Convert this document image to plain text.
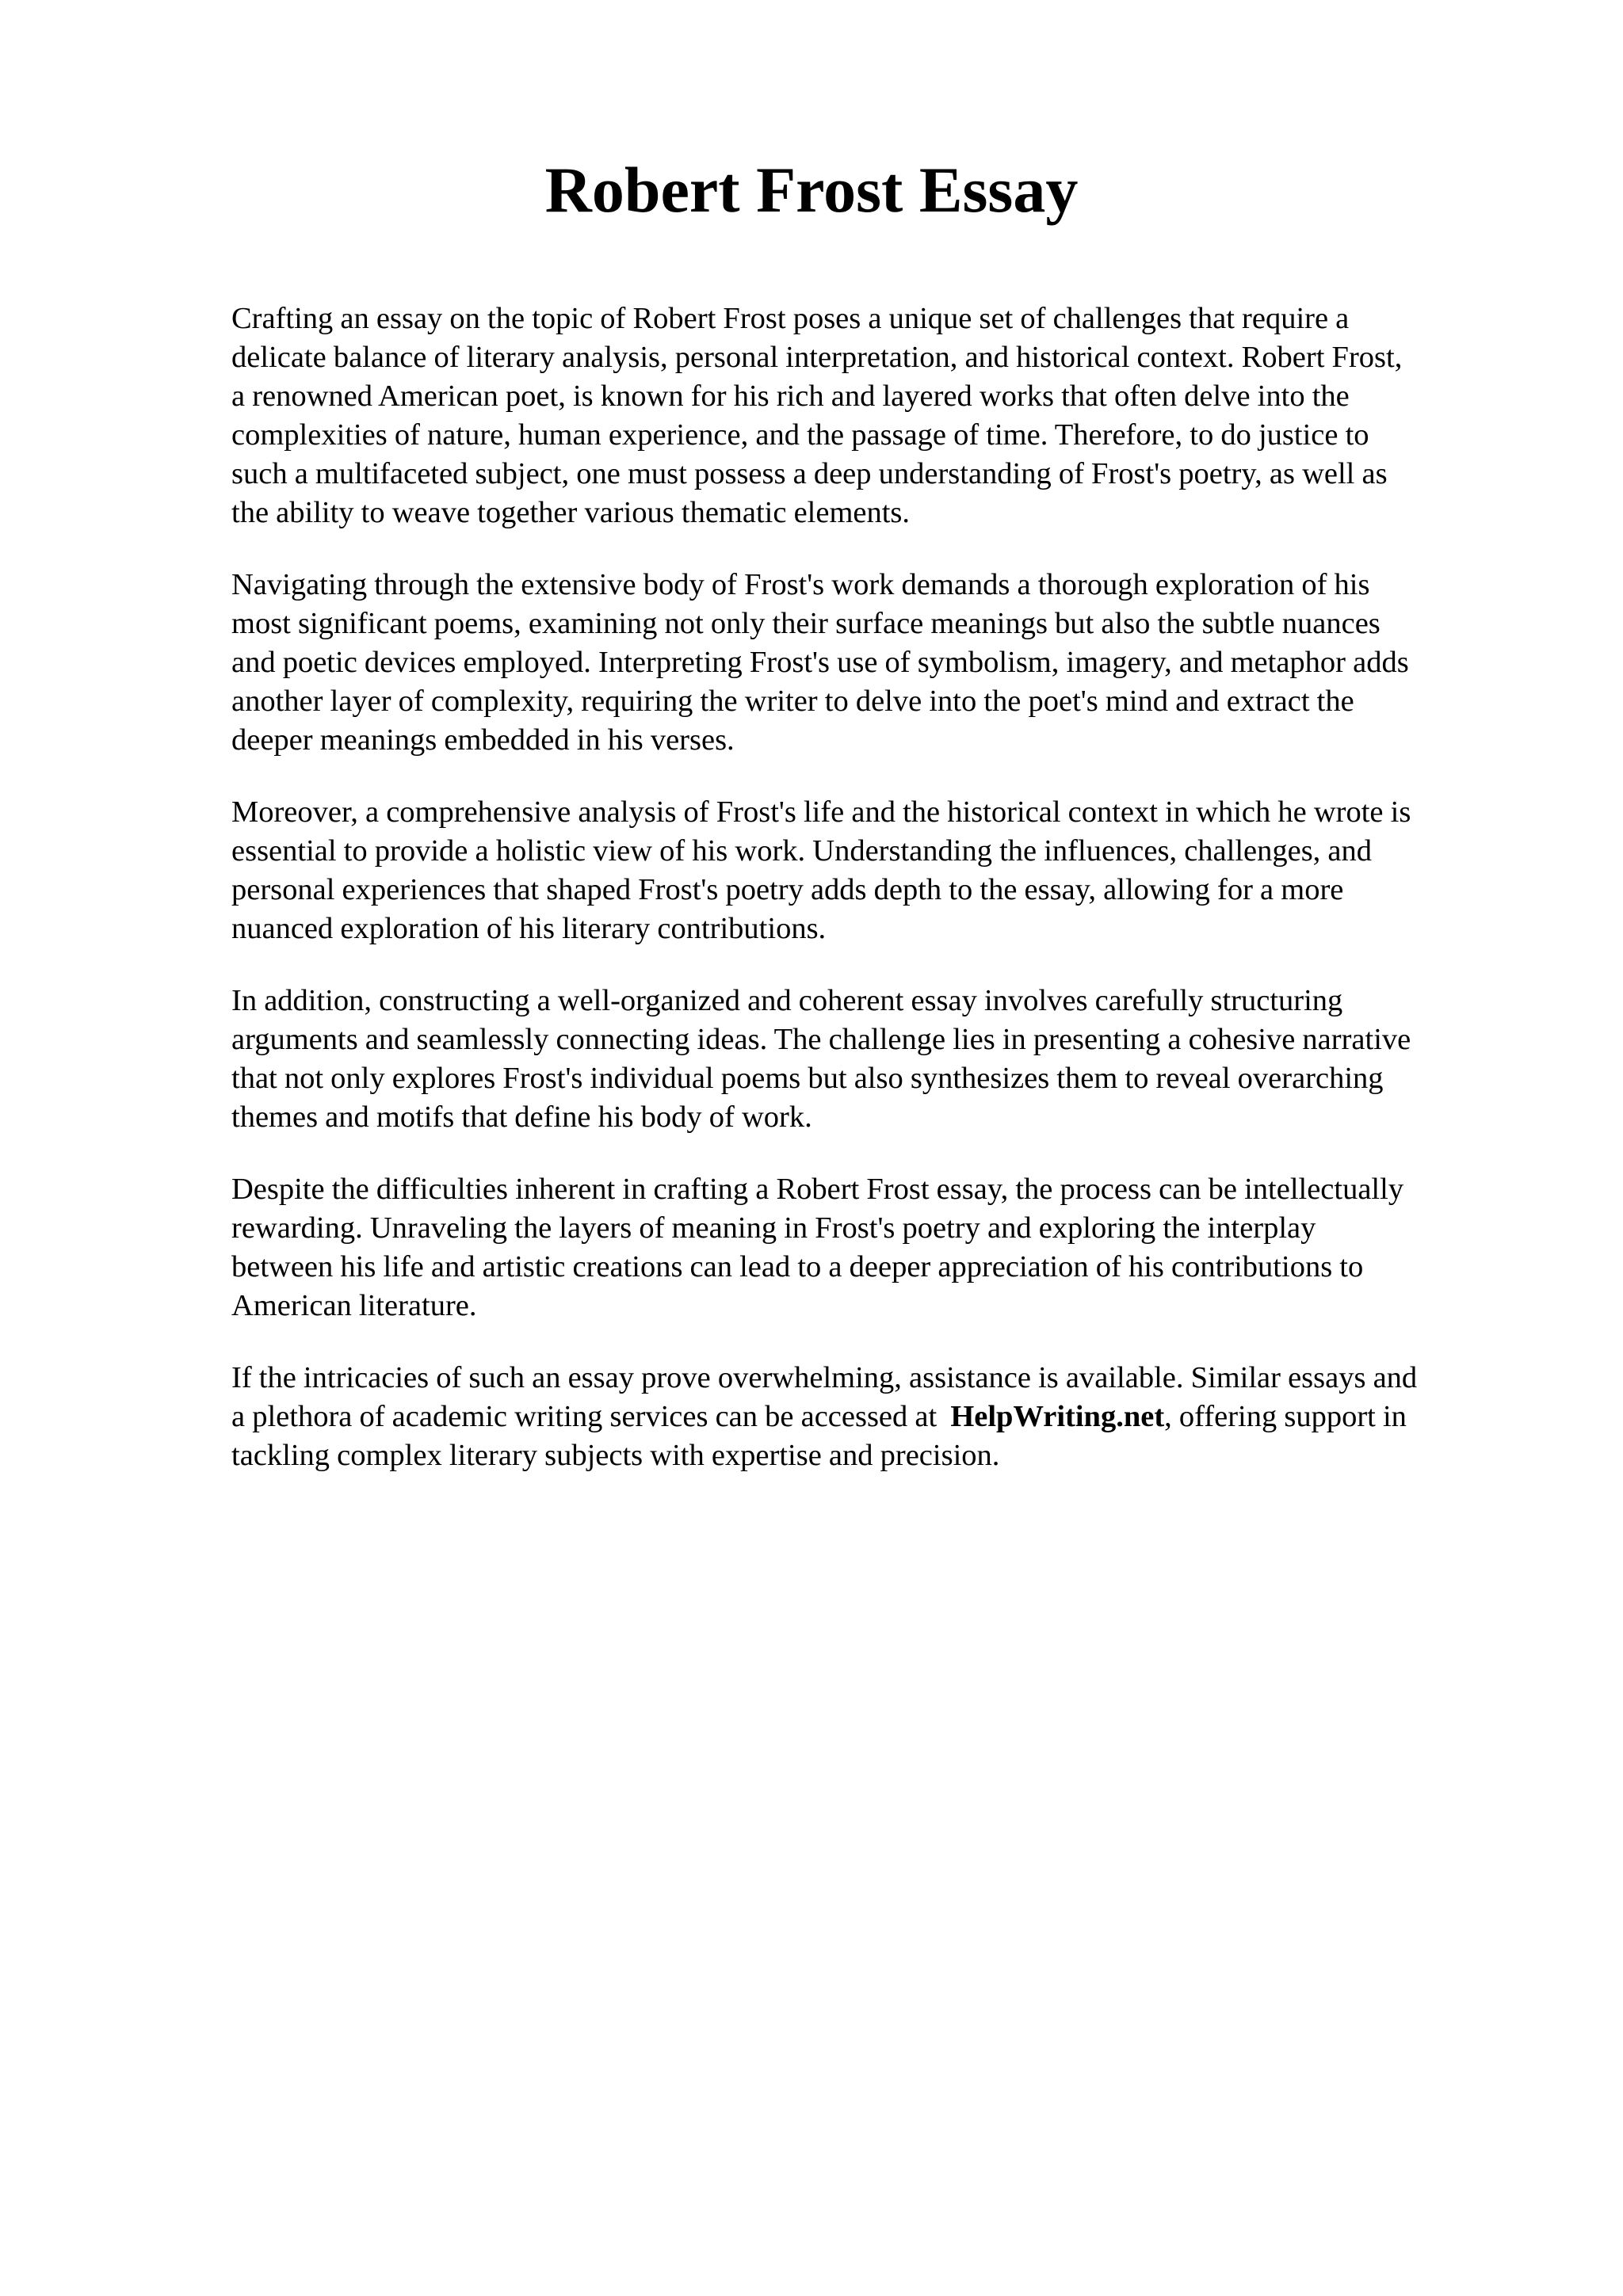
Robert Frost Essay

Crafting an essay on the topic of Robert Frost poses a unique set of challenges that require a
delicate balance of literary analysis, personal interpretation, and historical context. Robert Frost,
a renowned American poet, is known for his rich and layered works that often delve into the
complexities of nature, human experience, and the passage of time. Therefore, to do justice to
such a multifaceted subject, one must possess a deep understanding of Frost's poetry, as well as
the ability to weave together various thematic elements.

Navigating through the extensive body of Frost's work demands a thorough exploration of his
most significant poems, examining not only their surface meanings but also the subtle nuances
and poetic devices employed. Interpreting Frost's use of symbolism, imagery, and metaphor adds
another layer of complexity, requiring the writer to delve into the poet's mind and extract the
deeper meanings embedded in his verses.

Moreover, a comprehensive analysis of Frost's life and the historical context in which he wrote is
essential to provide a holistic view of his work. Understanding the influences, challenges, and
personal experiences that shaped Frost's poetry adds depth to the essay, allowing for a more
nuanced exploration of his literary contributions.

In addition, constructing a well-organized and coherent essay involves carefully structuring
arguments and seamlessly connecting ideas. The challenge lies in presenting a cohesive narrative
that not only explores Frost's individual poems but also synthesizes them to reveal overarching
themes and motifs that define his body of work.

Despite the difficulties inherent in crafting a Robert Frost essay, the process can be intellectually
rewarding. Unraveling the layers of meaning in Frost's poetry and exploring the interplay
between his life and artistic creations can lead to a deeper appreciation of his contributions to
American literature.

If the intricacies of such an essay prove overwhelming, assistance is available. Similar essays and
a plethora of academic writing services can be accessed at HelpWriting.net, offering support in
tackling complex literary subjects with expertise and precision.
